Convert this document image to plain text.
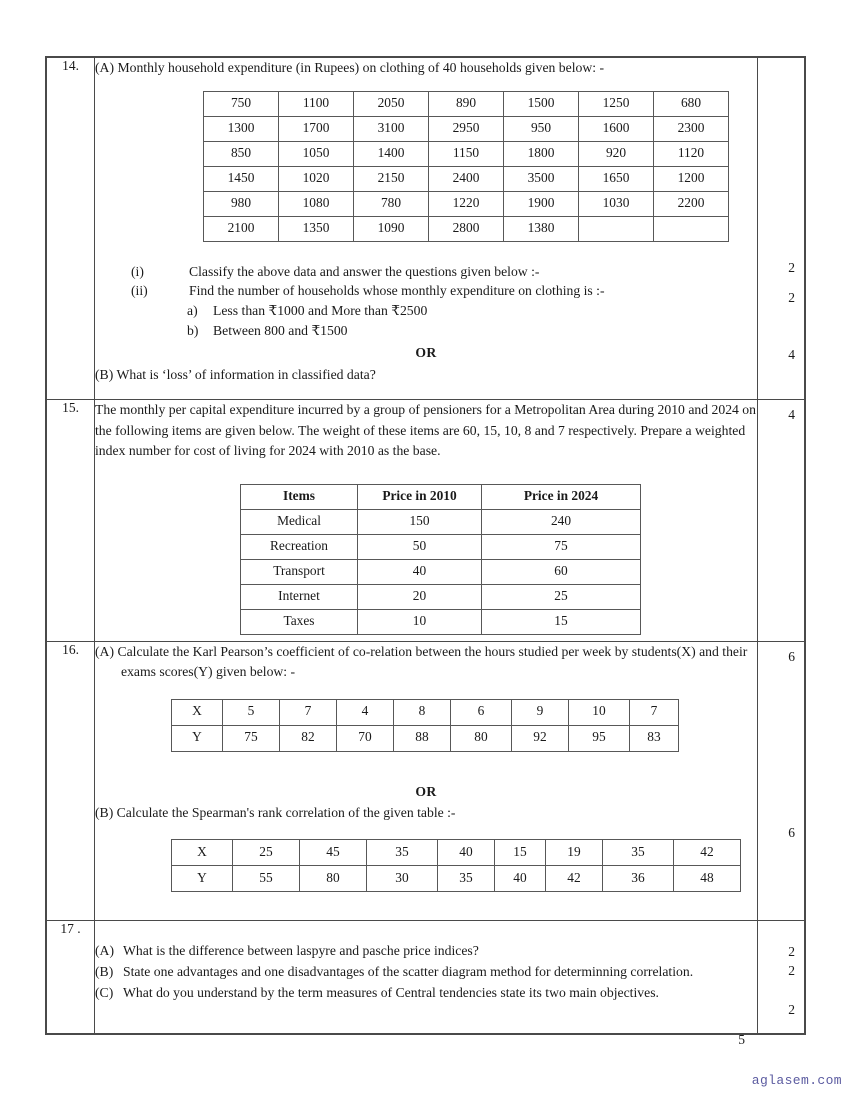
14.	(A) Monthly household expenditure (in Rupees) on clothing of 40 households given below: -
750	1100	2050	890	1500	1250	680
1300	1700	3100	2950	950	1600	2300
850	1050	1400	1150	1800	920	1120
1450	1020	2150	2400	3500	1650	1200
980	1080	780	1220	1900	1030	2200
2100	1350	1090	2800	1380		
(i)	Classify the above data and answer the questions given below :-
(ii)	Find the number of households whose monthly expenditure on clothing is :-
a) Less than ₹1000 and More than ₹2500
b) Between 800 and ₹1500
OR
(B) What is ‘loss’ of information in classified data?

2
2
4

15.	The monthly per capital expenditure incurred by a group of pensioners for a Metropolitan Area during 2010 and 2024 on the following items are given below. The weight of these items are 60, 15, 10, 8 and 7 respectively. Prepare a weighted index number for cost of living for 2024 with 2010 as the base.
Items	Price in 2010	Price in 2024
Medical	150	240
Recreation	50	75
Transport	40	60
Internet	20	25
Taxes	10	15

4

16.	(A) Calculate the Karl Pearson’s coefficient of co-relation between the hours studied per week by students(X) and their exams scores(Y) given below: -
X	5	7	4	8	6	9	10	7
Y	75	82	70	88	80	92	95	83
OR
(B) Calculate the Spearman's rank correlation of the given table :-
X	25	45	35	40	15	19	35	42
Y	55	80	30	35	40	42	36	48

6
6

17 .	
(A) What is the difference between laspyre and pasche price indices?
(B) State one advantages and one disadvantages of the scatter diagram method for determinning correlation.
(C) What do you understand by the term measures of Central tendencies state its two main objectives.

2
2
2
5
aglasem.com
